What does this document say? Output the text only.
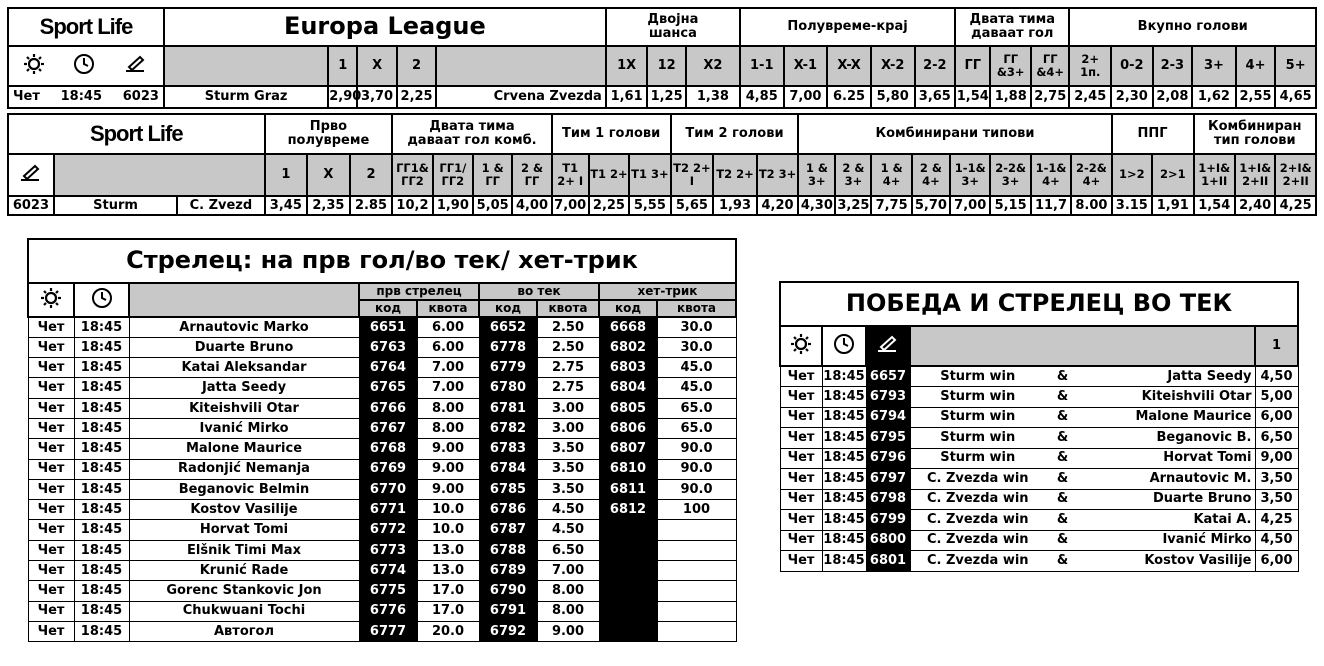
Sport Life	Europa League					Двојна шанса			Полувреме-крај					Двата тима даваат гол			Вкупно голови					

		1	X	2		1X	12	X2	1-1	X-1	X-X	X-2	2-2	ГГ	ГГ &3+	ГГ &4+	2+ 1п.	0-2	2-3	3+	4+	5+

Чет 18:45 6023	Sturm Graz	2,90	3,70	2,25	Crvena Zvezda	1,61	1,25	1,38	4,85	7,00	6.25	5,80	3,65	1,54	1,88	2,75	2,45	2,30	2,08	1,62	2,55	4,65
Sport Life			Прво полувреме			Двата тима даваат гол комб.				Тим 1 голови			Тим 2 голови			Комбинирани типови								ППГ		Комбиниран тип голови		
		1	X	2	ГГ1& ГГ2	ГГ1/ ГГ2	1 & ГГ	2 & ГГ	T1 2+ I	T1 2+	T1 3+	T2 2+ I	T2 2+	T2 3+	1 & 3+	2 & 3+	1 & 4+	2 & 4+	1-1& 3+	2-2& 3+	1-1& 4+	2-2& 4+	1>2	2>1	1+I& 1+II	1+I& 2+II	2+I& 2+II
6023	Sturm	C. Zvezd	3,45	2,35	2.85	10,2	1,90	5,05	4,00	7,00	2,25	5,55	5,65	1,93	4,20	4,30	3,25	7,75	5,70	7,00	5,15	11,7	8.00	3.15	1,91	1,54	2,40	4,25
Стрелец: на прв гол/во тек/ хет-трик								
			прв стрелец		во тек		хет-трик	
			код	квота	код	квота	код	квота
Чет	18:45	Arnautovic Marko	6651	6.00	6652	2.50	6668	30.0
Чет	18:45	Duarte Bruno	6763	6.00	6778	2.50	6802	30.0
Чет	18:45	Katai Aleksandar	6764	7.00	6779	2.75	6803	45.0
Чет	18:45	Jatta Seedy	6765	7.00	6780	2.75	6804	45.0
Чет	18:45	Kiteishvili Otar	6766	8.00	6781	3.00	6805	65.0
Чет	18:45	Ivanić Mirko	6767	8.00	6782	3.00	6806	65.0
Чет	18:45	Malone Maurice	6768	9.00	6783	3.50	6807	90.0
Чет	18:45	Radonjić Nemanja	6769	9.00	6784	3.50	6810	90.0
Чет	18:45	Beganovic Belmin	6770	9.00	6785	3.50	6811	90.0
Чет	18:45	Kostov Vasilije	6771	10.0	6786	4.50	6812	100
Чет	18:45	Horvat Tomi	6772	10.0	6787	4.50		
Чет	18:45	Elšnik Timi Max	6773	13.0	6788	6.50		
Чет	18:45	Krunić Rade	6774	13.0	6789	7.00		
Чет	18:45	Gorenc Stankovic Jon	6775	17.0	6790	8.00		
Чет	18:45	Chukwuani Tochi	6776	17.0	6791	8.00		
Чет	18:45	Автогол	6777	20.0	6792	9.00		
ПОБЕДА И СТРЕЛЕЦ ВО ТЕК						
				1
Чет	18:45	6657	Sturm win	&	Jatta Seedy	4,50
Чет	18:45	6793	Sturm win	&	Kiteishvili Otar	5,00
Чет	18:45	6794	Sturm win	&	Malone Maurice	6,00
Чет	18:45	6795	Sturm win	&	Beganovic B.	6,50
Чет	18:45	6796	Sturm win	&	Horvat Tomi	9,00
Чет	18:45	6797	C. Zvezda win	&	Arnautovic M.	3,50
Чет	18:45	6798	C. Zvezda win	&	Duarte Bruno	3,50
Чет	18:45	6799	C. Zvezda win	&	Katai A.	4,25
Чет	18:45	6800	C. Zvezda win	&	Ivanić Mirko	4,50
Чет	18:45	6801	C. Zvezda win	&	Kostov Vasilije	6,00
